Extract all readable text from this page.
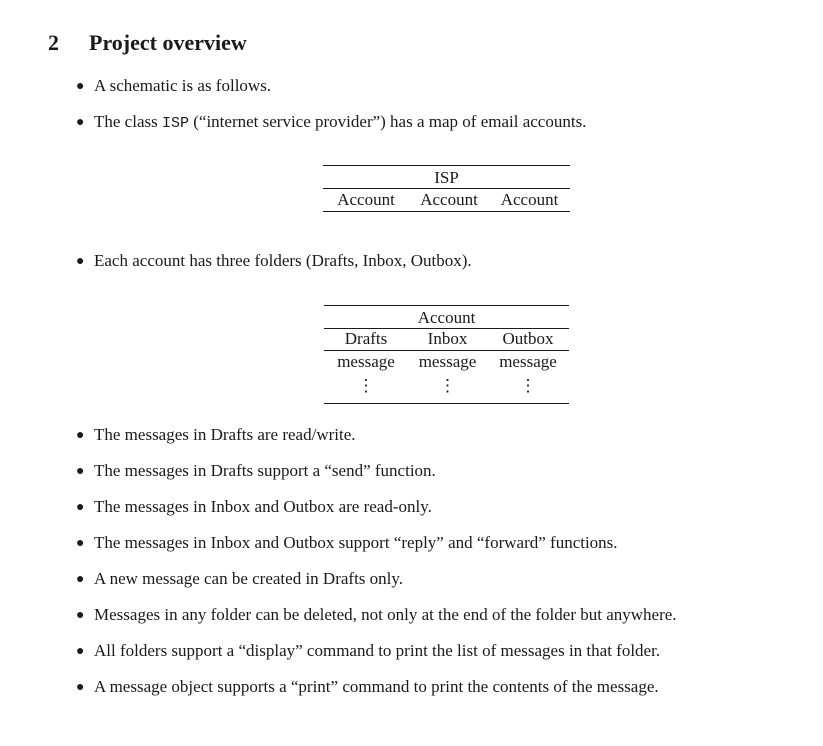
2 Project overview
● A schematic is as follows.
● The class ISP (“internet service provider”) has a map of email accounts.
ISP
Account	Account	Account
● Each account has three folders (Drafts, Inbox, Outbox).
Account		
Drafts	Inbox	Outbox
message	message	message
⋮	⋮	⋮
● The messages in Drafts are read/write.
● The messages in Drafts support a “send” function.
● The messages in Inbox and Outbox are read-only.
● The messages in Inbox and Outbox support “reply” and “forward” functions.
● A new message can be created in Drafts only.
● Messages in any folder can be deleted, not only at the end of the folder but anywhere.
● All folders support a “display” command to print the list of messages in that folder.
● A message object supports a “print” command to print the contents of the message.
